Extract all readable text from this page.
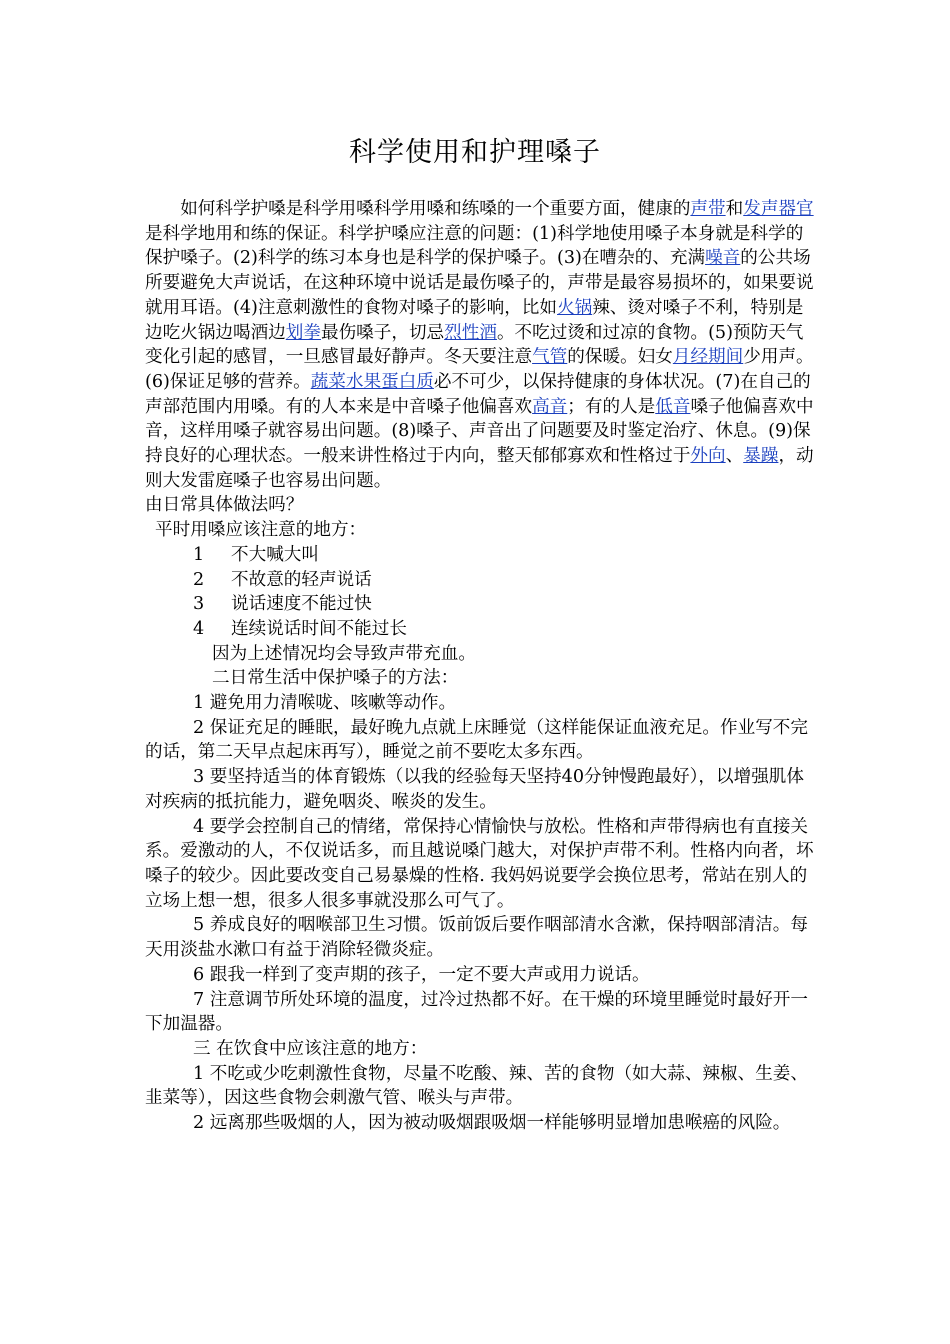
科学使用和护理嗓子

如何科学护嗓是科学用嗓科学用嗓和练嗓的一个重要方面，健康的声带和发声器官是科学地用和练的保证。科学护嗓应注意的问题：(1)科学地使用嗓子本身就是科学的保护嗓子。(2)科学的练习本身也是科学的保护嗓子。(3)在嘈杂的、充满噪音的公共场所要避免大声说话，在这种环境中说话是最伤嗓子的，声带是最容易损坏的，如果要说就用耳语。(4)注意刺激性的食物对嗓子的影响，比如火锅辣、烫对嗓子不利，特别是边吃火锅边喝酒边划拳最伤嗓子，切忌烈性酒。不吃过烫和过凉的食物。(5)预防天气变化引起的感冒，一旦感冒最好静声。冬天要注意气管的保暖。妇女月经期间少用声。(6)保证足够的营养。蔬菜水果蛋白质必不可少，以保持健康的身体状况。(7)在自己的声部范围内用嗓。有的人本来是中音嗓子他偏喜欢高音；有的人是低音嗓子他偏喜欢中音，这样用嗓子就容易出问题。(8)嗓子、声音出了问题要及时鉴定治疗、休息。(9)保持良好的心理状态。一般来讲性格过于内向，整天郁郁寡欢和性格过于外向、暴躁，动则大发雷庭嗓子也容易出问题。

由日常具体做法吗？

平时用嗓应该注意的地方：

1 不大喊大叫

2 不故意的轻声说话

3 说话速度不能过快

4 连续说话时间不能过长

因为上述情况均会导致声带充血。

二日常生活中保护嗓子的方法：

1 避免用力清喉咙、咳嗽等动作。

2 保证充足的睡眠，最好晚九点就上床睡觉（这样能保证血液充足。作业写不完的话，第二天早点起床再写），睡觉之前不要吃太多东西。

3 要坚持适当的体育锻炼（以我的经验每天坚持40分钟慢跑最好），以增强肌体对疾病的抵抗能力，避免咽炎、喉炎的发生。

4 要学会控制自己的情绪，常保持心情愉快与放松。性格和声带得病也有直接关系。爱激动的人，不仅说话多，而且越说嗓门越大，对保护声带不利。性格内向者，坏嗓子的较少。因此要改变自己易暴燥的性格. 我妈妈说要学会换位思考，常站在别人的立场上想一想，很多人很多事就没那么可气了。

5 养成良好的咽喉部卫生习惯。饭前饭后要作咽部清水含漱，保持咽部清洁。每天用淡盐水漱口有益于消除轻微炎症。

6 跟我一样到了变声期的孩子，一定不要大声或用力说话。

7 注意调节所处环境的温度，过冷过热都不好。在干燥的环境里睡觉时最好开一下加温器。

三 在饮食中应该注意的地方：

1 不吃或少吃刺激性食物，尽量不吃酸、辣、苦的食物（如大蒜、辣椒、生姜、韭菜等），因这些食物会刺激气管、喉头与声带。

2 远离那些吸烟的人，因为被动吸烟跟吸烟一样能够明显增加患喉癌的风险。
